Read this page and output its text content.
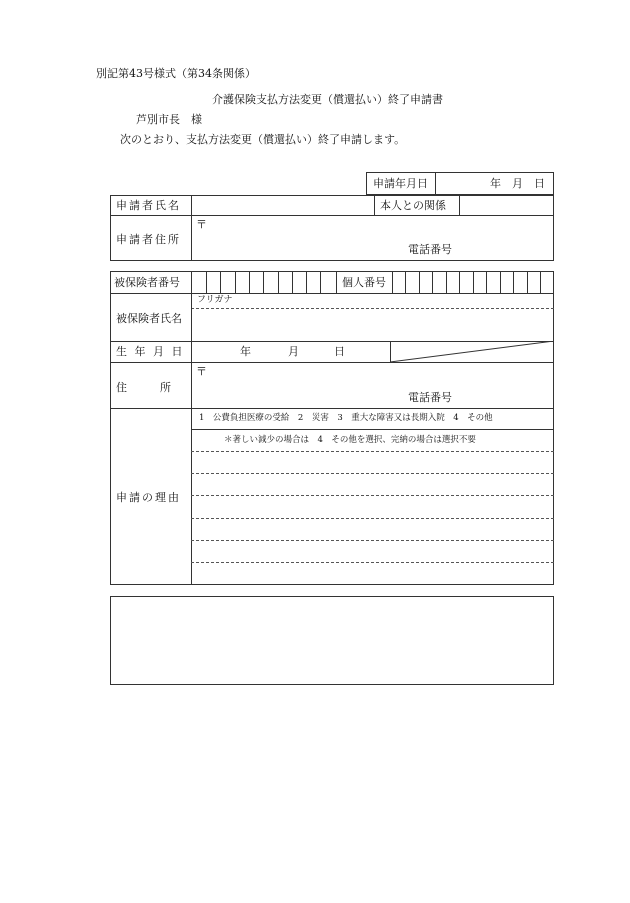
別記第43号様式（第34条関係）
介護保険支払方法変更（償還払い）終了申請書
芦別市長　様
次のとおり、支払方法変更（償還払い）終了申請します。
申請年月日	年　月　日
申請者氏名	本人との関係
申請者住所
〒
電話番号
被保険者番号	個人番号
フリガナ
被保険者氏名
生 年 月 日	年	月	日
住　　　所
〒
電話番号
申請の理由
1　公費負担医療の受給　2　災害　3　重大な障害又は長期入院　4　その他
＊著しい減少の場合は　4　その他を選択、完納の場合は選択不要
